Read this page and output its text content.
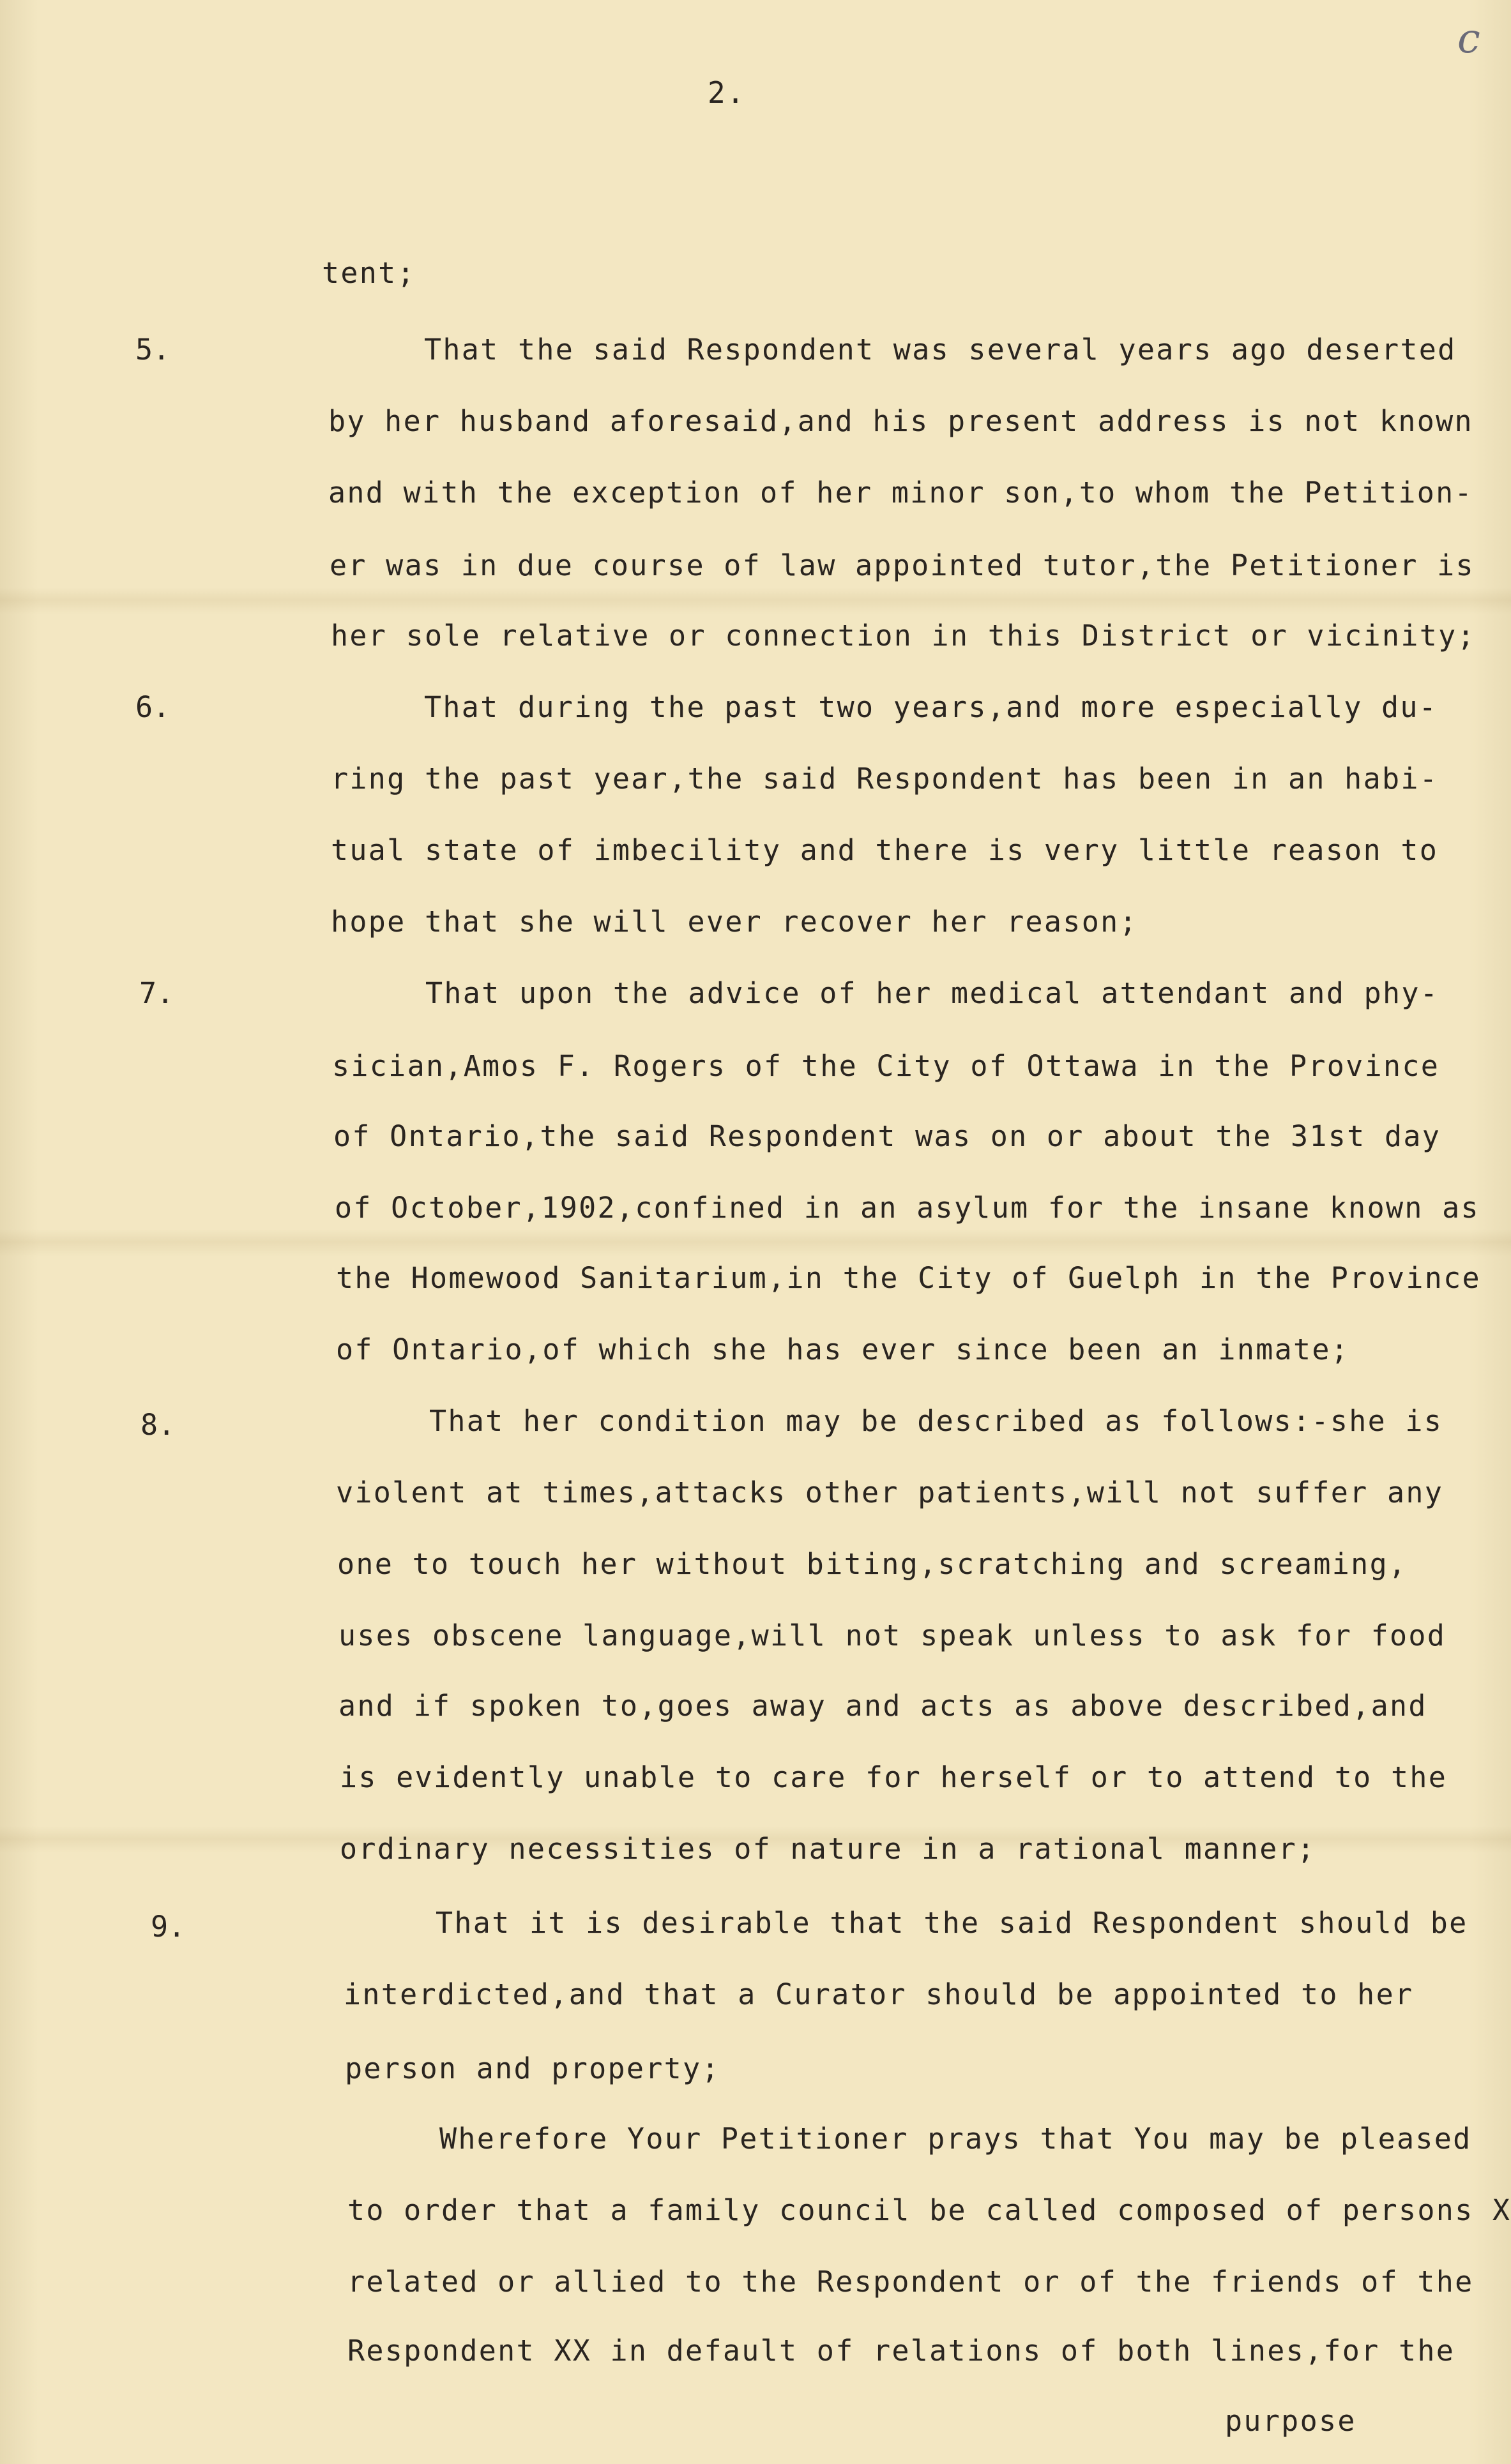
c
2.
5.
6.
7.
8.
9.
tent;
That the said Respondent was several years ago deserted
by her husband aforesaid,and his present address is not known
and with the exception of her minor son,to whom the Petition-
er was in due course of law appointed tutor,the Petitioner is
her sole relative or connection in this District or vicinity;
That during the past two years,and more especially du-
ring the past year,the said Respondent has been in an habi-
tual state of imbecility and there is very little reason to
hope that she will ever recover her reason;
That upon the advice of her medical attendant and phy-
sician,Amos F. Rogers of the City of Ottawa in the Province
of Ontario,the said Respondent was on or about the 31st day
of October,1902,confined in an asylum for the insane known as
the Homewood Sanitarium,in the City of Guelph in the Province
of Ontario,of which she has ever since been an inmate;
That her condition may be described as follows:-she is
violent at times,attacks other patients,will not suffer any
one to touch her without biting,scratching and screaming,
uses obscene language,will not speak unless to ask for food
and if spoken to,goes away and acts as above described,and
is evidently unable to care for herself or to attend to the
ordinary necessities of nature in a rational manner;
That it is desirable that the said Respondent should be
interdicted,and that a Curator should be appointed to her
person and property;
Wherefore Your Petitioner prays that You may be pleased
to order that a family council be called composed of persons X
related or allied to the Respondent or of the friends of the
Respondent XX in default of relations of both lines,for the
purpose
